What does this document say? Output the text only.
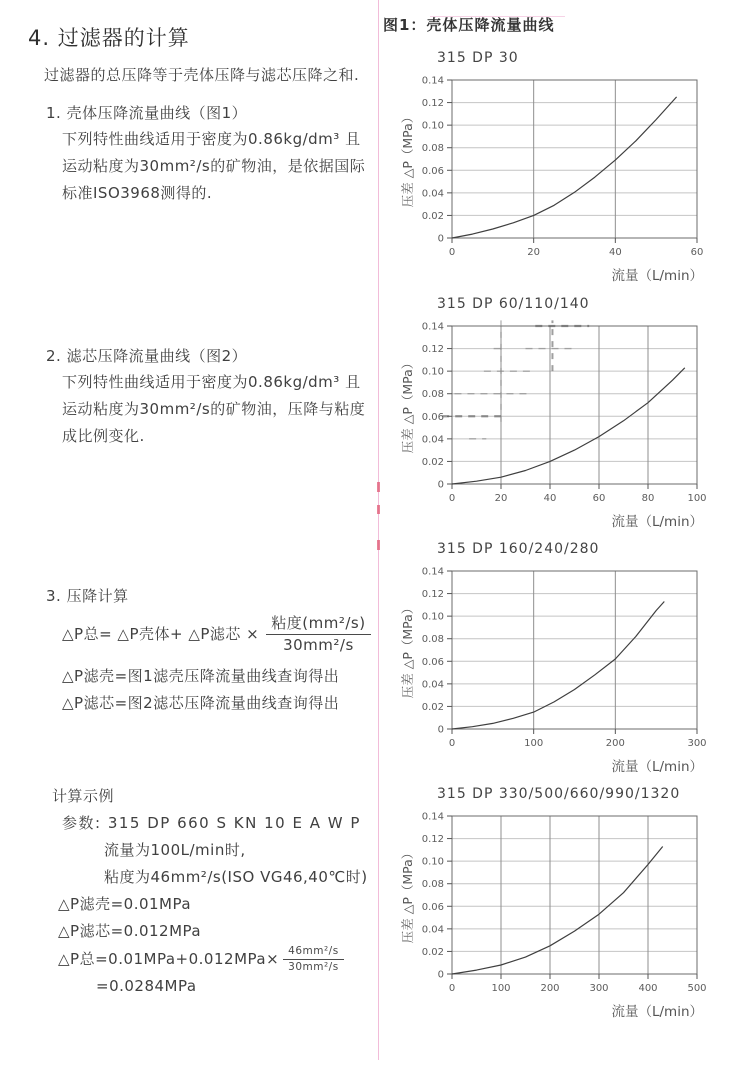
4. 过滤器的计算
过滤器的总压降等于壳体压降与滤芯压降之和.
1. 壳体压降流量曲线（图1）
下列特性曲线适用于密度为0.86kg/dm³ 且
运动粘度为30mm²/s的矿物油，是依据国际
标准ISO3968测得的.
2. 滤芯压降流量曲线（图2）
下列特性曲线适用于密度为0.86kg/dm³ 且
运动粘度为30mm²/s的矿物油，压降与粘度
成比例变化.
3. 压降计算
△P总= △P壳体+ △P滤芯 × $\frac{\text{粘度(mm²/s)}}{\text{30mm²/s}}$
△P滤壳=图1滤壳压降流量曲线查询得出
△P滤芯=图2滤芯压降流量曲线查询得出
计算示例
参数: 315 DP 660 S KN 10 E A W P
流量为100L/min时,
粘度为46mm²/s(ISO VG46,40℃时)
△P滤壳=0.01MPa
△P滤芯=0.012MPa
△P总$=0.01MPa+0.012MPa\times \frac{\text{46mm²/s}}{\text{30mm²/s}}$
=0.0284MPa
图1：壳体压降流量曲线
315 DP 30
0
0.02
0.04
0.06
0.08
0.10
0.12
0.14
0	20	40	60
压差 △P（MPa）
流量（L/min）
315 DP 60/110/140
0
0.02
0.04
0.06
0.08
0.10
0.12
0.14
0	20	40	60	80	100
压差 △P（MPa）
流量（L/min）
315 DP 160/240/280
0
0.02
0.04
0.06
0.08
0.10
0.12
0.14
0	100	200	300
压差 △P（MPa）
流量（L/min）
315 DP 330/500/660/990/1320
0
0.02
0.04
0.06
0.08
0.10
0.12
0.14
0	100	200	300	400	500
压差 △P（MPa）
流量（L/min）
